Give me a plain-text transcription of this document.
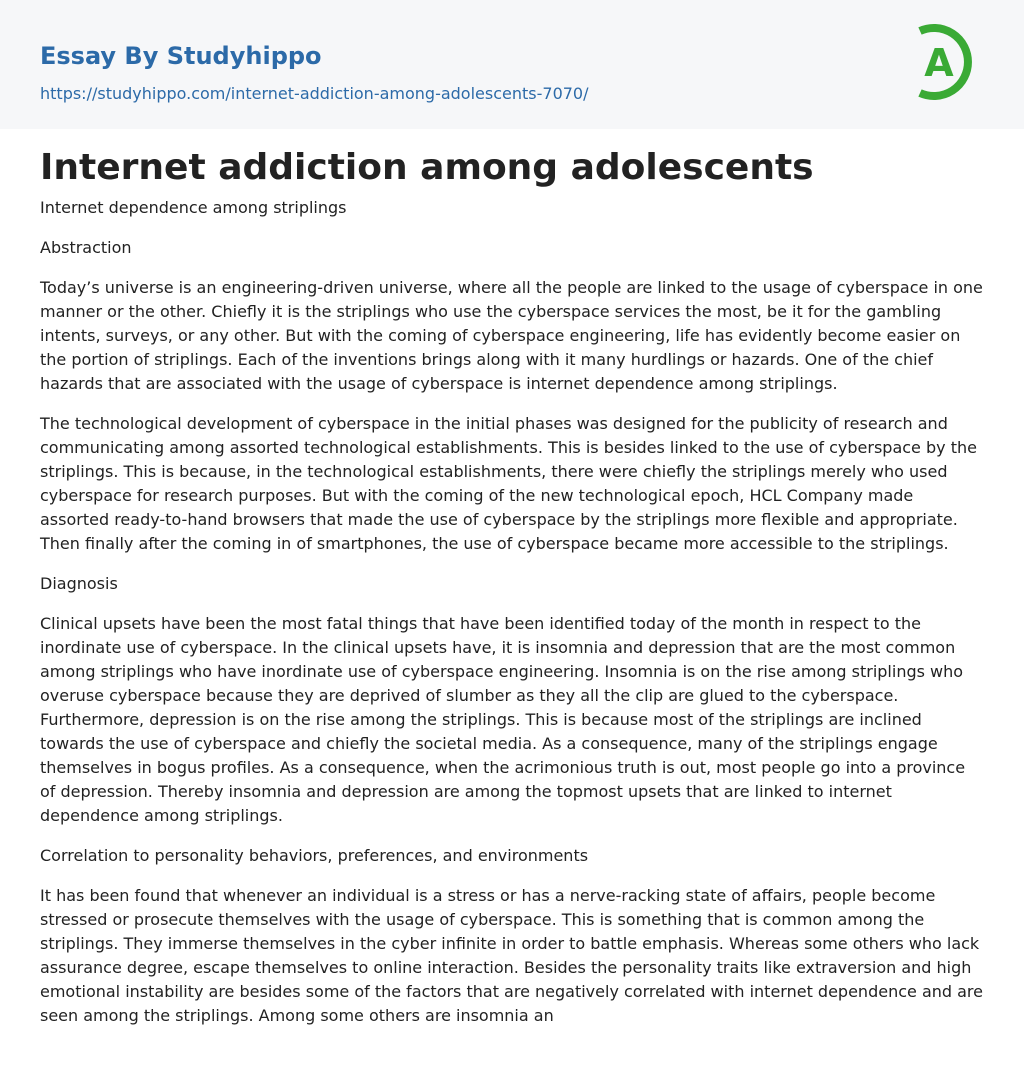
Essay By Studyhippo
https://studyhippo.com/internet-addiction-among-adolescents-7070/
A
Internet addiction among adolescents

Internet dependence among striplings

Abstraction

Today’s universe is an engineering-driven universe, where all the people are linked to the usage of cyberspace in one manner or the other. Chiefly it is the striplings who use the cyberspace services the most, be it for the gambling intents, surveys, or any other. But with the coming of cyberspace engineering, life has evidently become easier on the portion of striplings. Each of the inventions brings along with it many hurdlings or hazards. One of the chief hazards that are associated with the usage of cyberspace is internet dependence among striplings.

The technological development of cyberspace in the initial phases was designed for the publicity of research and communicating among assorted technological establishments. This is besides linked to the use of cyberspace by the striplings. This is because, in the technological establishments, there were chiefly the striplings merely who used cyberspace for research purposes. But with the coming of the new technological epoch, HCL Company made assorted ready-to-hand browsers that made the use of cyberspace by the striplings more flexible and appropriate. Then finally after the coming in of smartphones, the use of cyberspace became more accessible to the striplings.

Diagnosis

Clinical upsets have been the most fatal things that have been identified today of the month in respect to the inordinate use of cyberspace. In the clinical upsets have, it is insomnia and depression that are the most common among striplings who have inordinate use of cyberspace engineering. Insomnia is on the rise among striplings who overuse cyberspace because they are deprived of slumber as they all the clip are glued to the cyberspace. Furthermore, depression is on the rise among the striplings. This is because most of the striplings are inclined towards the use of cyberspace and chiefly the societal media. As a consequence, many of the striplings engage themselves in bogus profiles. As a consequence, when the acrimonious truth is out, most people go into a province of depression. Thereby insomnia and depression are among the topmost upsets that are linked to internet dependence among striplings.

Correlation to personality behaviors, preferences, and environments

It has been found that whenever an individual is a stress or has a nerve-racking state of affairs, people become stressed or prosecute themselves with the usage of cyberspace. This is something that is common among the striplings. They immerse themselves in the cyber infinite in order to battle emphasis. Whereas some others who lack assurance degree, escape themselves to online interaction. Besides the personality traits like extraversion and high emotional instability are besides some of the factors that are negatively correlated with internet dependence and are seen among the striplings. Among some others are insomnia an
